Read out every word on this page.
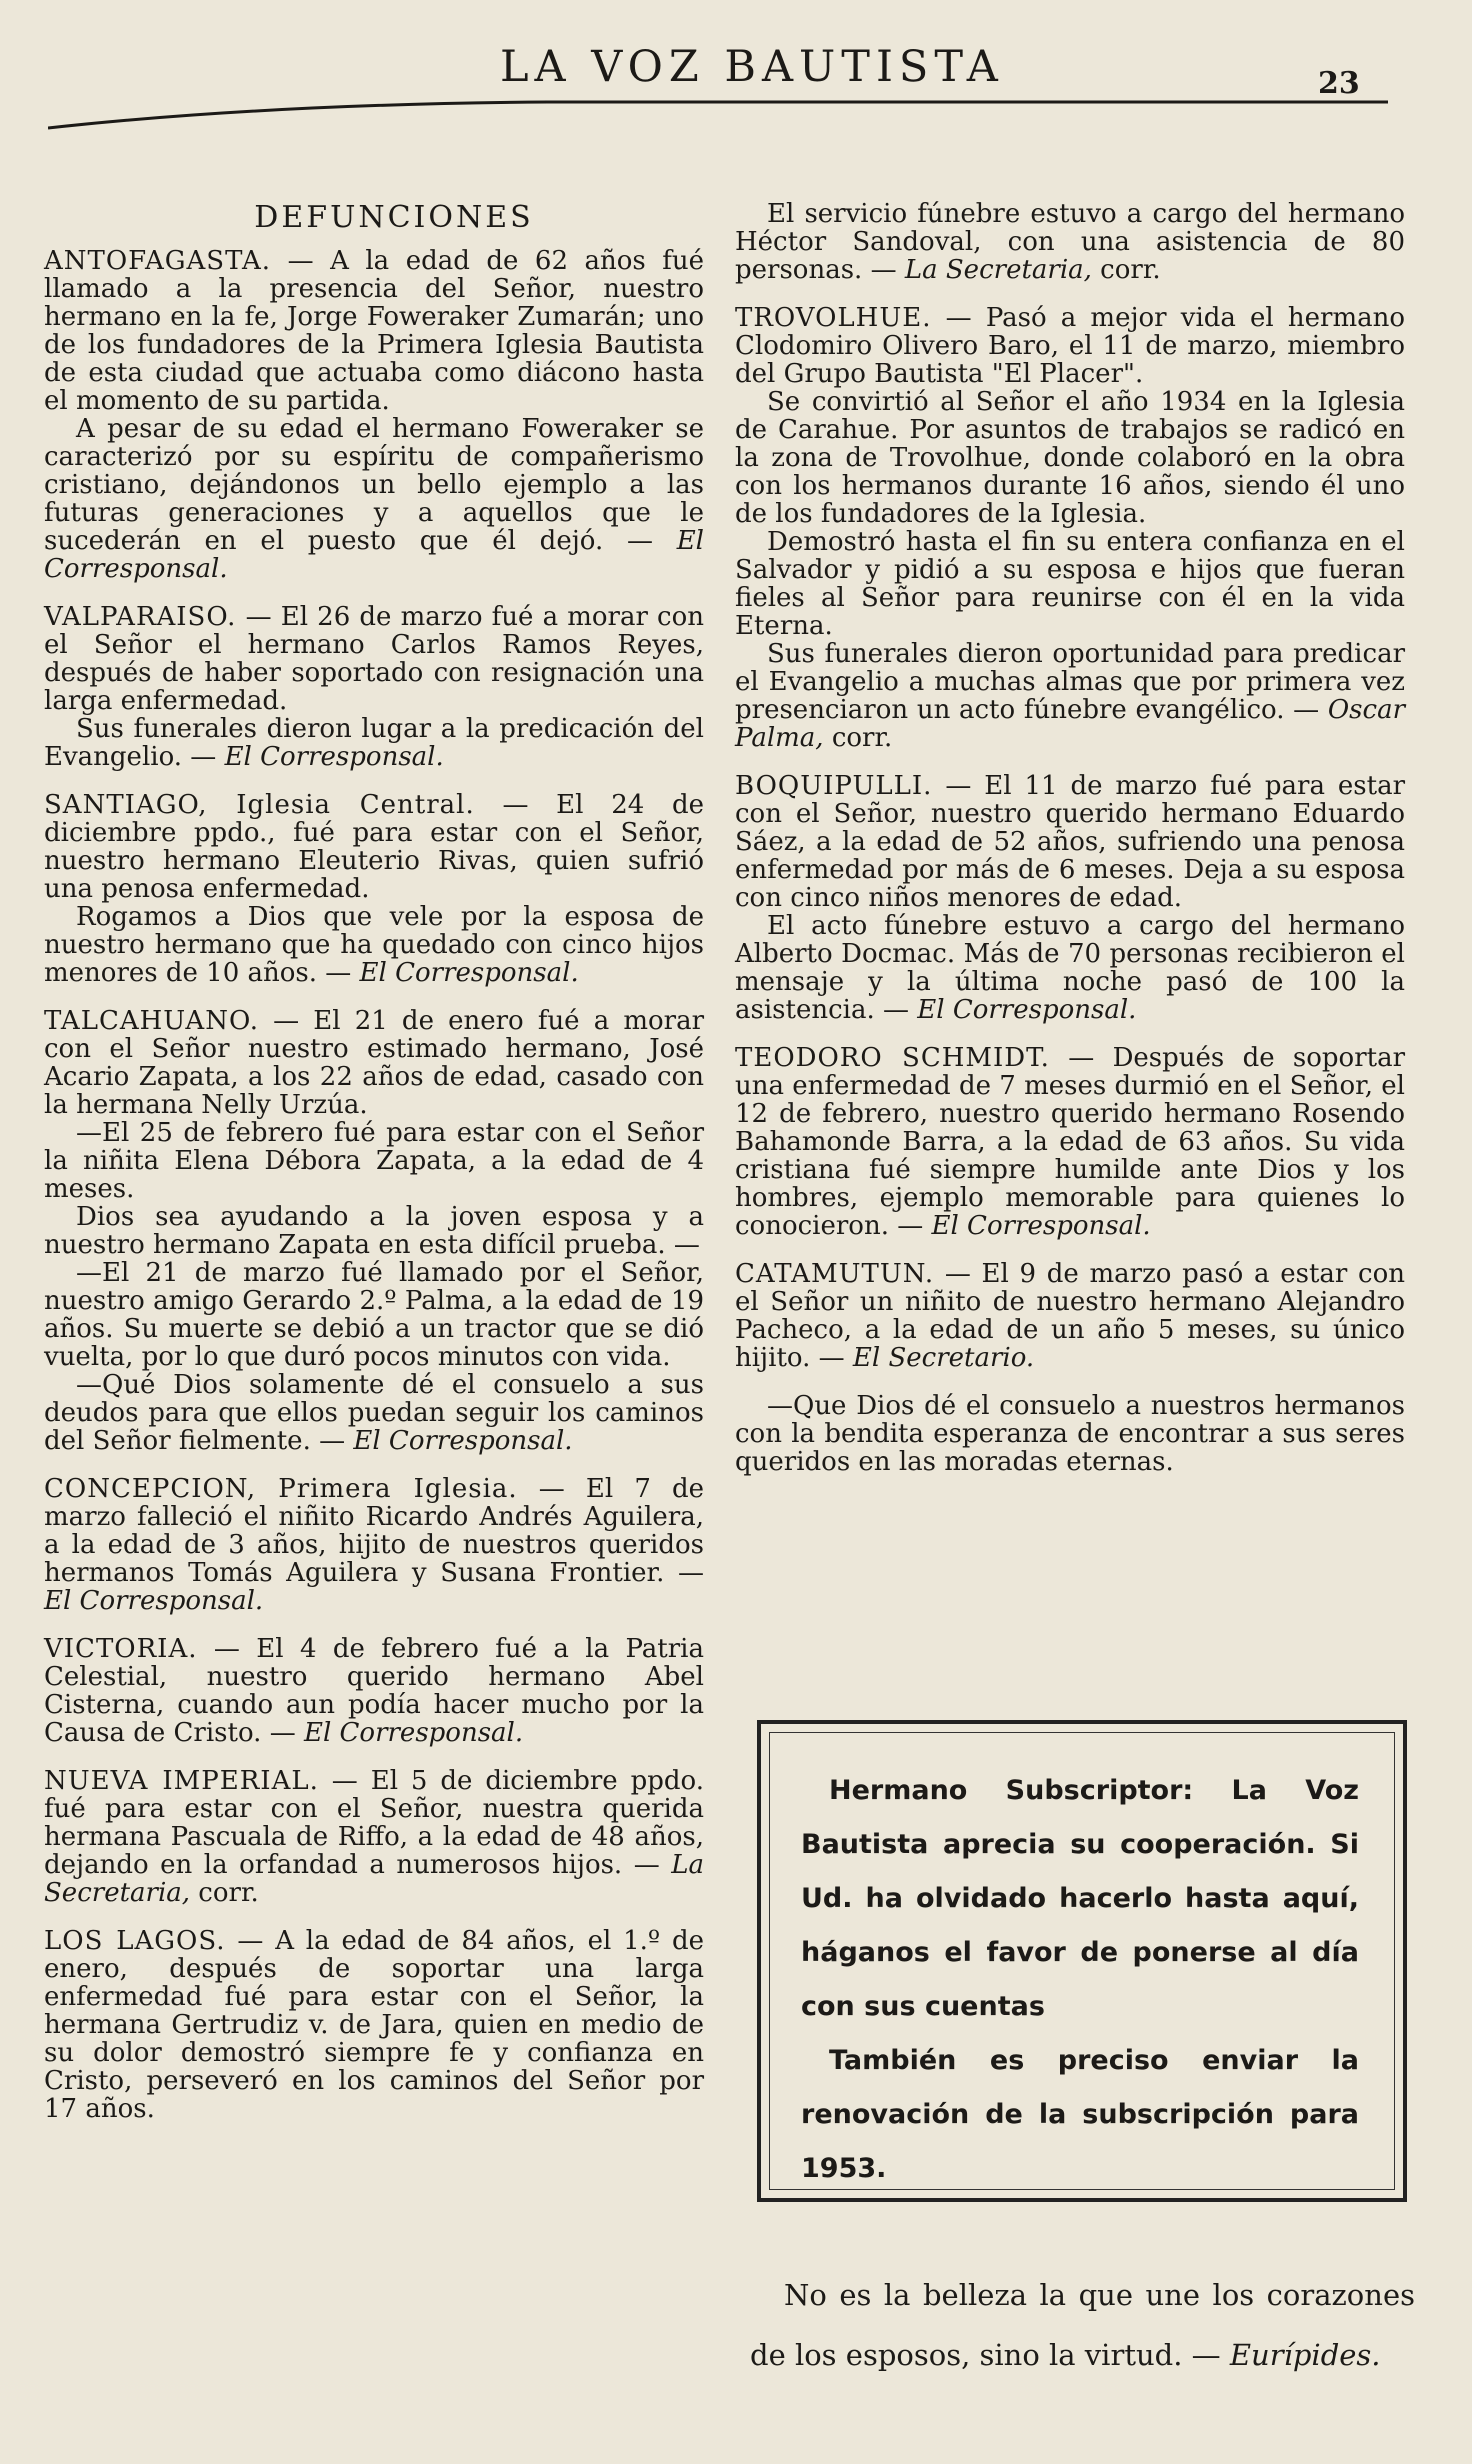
LA VOZ BAUTISTA	23
DEFUNCIONES

ANTOFAGASTA. — A la edad de 62 años fué llamado a la presencia del Señor, nuestro hermano en la fe, Jorge Foweraker Zumarán; uno de los fundadores de la Primera Iglesia Bautista de esta ciudad que actuaba como diácono hasta el momento de su partida.

A pesar de su edad el hermano Foweraker se caracterizó por su espíritu de compañerismo cristiano, dejándonos un bello ejemplo a las futuras generaciones y a aquellos que le sucederán en el puesto que él dejó. — El Corresponsal.

VALPARAISO. — El 26 de marzo fué a morar con el Señor el hermano Carlos Ramos Reyes, después de haber soportado con resignación una larga enfermedad.

Sus funerales dieron lugar a la predicación del Evangelio. — El Corresponsal.

SANTIAGO, Iglesia Central. — El 24 de diciembre ppdo., fué para estar con el Señor, nuestro hermano Eleuterio Rivas, quien sufrió una penosa enfermedad.

Rogamos a Dios que vele por la esposa de nuestro hermano que ha quedado con cinco hijos menores de 10 años. — El Corresponsal.

TALCAHUANO. — El 21 de enero fué a morar con el Señor nuestro estimado hermano, José Acario Zapata, a los 22 años de edad, casado con la hermana Nelly Urzúa.

—El 25 de febrero fué para estar con el Señor la niñita Elena Débora Zapata, a la edad de 4 meses.

Dios sea ayudando a la joven esposa y a nuestro hermano Zapata en esta difícil prueba. —

—El 21 de marzo fué llamado por el Señor, nuestro amigo Gerardo 2.º Palma, a la edad de 19 años. Su muerte se debió a un tractor que se dió vuelta, por lo que duró pocos minutos con vida.

—Qué Dios solamente dé el consuelo a sus deudos para que ellos puedan seguir los caminos del Señor fielmente. — El Corresponsal.

CONCEPCION, Primera Iglesia. — El 7 de marzo falleció el niñito Ricardo Andrés Aguilera, a la edad de 3 años, hijito de nuestros queridos hermanos Tomás Aguilera y Susana Frontier. — El Corresponsal.

VICTORIA. — El 4 de febrero fué a la Patria Celestial, nuestro querido hermano Abel Cisterna, cuando aun podía hacer mucho por la Causa de Cristo. — El Corresponsal.

NUEVA IMPERIAL. — El 5 de diciembre ppdo. fué para estar con el Señor, nuestra querida hermana Pascuala de Riffo, a la edad de 48 años, dejando en la orfandad a numerosos hijos. — La Secretaria, corr.

LOS LAGOS. — A la edad de 84 años, el 1.º de enero, después de soportar una larga enfermedad fué para estar con el Señor, la hermana Gertrudiz v. de Jara, quien en medio de su dolor demostró siempre fe y confianza en Cristo, perseveró en los caminos del Señor por 17 años.

El servicio fúnebre estuvo a cargo del hermano Héctor Sandoval, con una asistencia de 80 personas. — La Secretaria, corr.

TROVOLHUE. — Pasó a mejor vida el hermano Clodomiro Olivero Baro, el 11 de marzo, miembro del Grupo Bautista "El Placer".

Se convirtió al Señor el año 1934 en la Iglesia de Carahue. Por asuntos de trabajos se radicó en la zona de Trovolhue, donde colaboró en la obra con los hermanos durante 16 años, siendo él uno de los fundadores de la Iglesia.

Demostró hasta el fin su entera confianza en el Salvador y pidió a su esposa e hijos que fueran fieles al Señor para reunirse con él en la vida Eterna.

Sus funerales dieron oportunidad para predicar el Evangelio a muchas almas que por primera vez presenciaron un acto fúnebre evangélico. — Oscar Palma, corr.

BOQUIPULLI. — El 11 de marzo fué para estar con el Señor, nuestro querido hermano Eduardo Sáez, a la edad de 52 años, sufriendo una penosa enfermedad por más de 6 meses. Deja a su esposa con cinco niños menores de edad.

El acto fúnebre estuvo a cargo del hermano Alberto Docmac. Más de 70 personas recibieron el mensaje y la última noche pasó de 100 la asistencia. — El Corresponsal.

TEODORO SCHMIDT. — Después de soportar una enfermedad de 7 meses durmió en el Señor, el 12 de febrero, nuestro querido hermano Rosendo Bahamonde Barra, a la edad de 63 años. Su vida cristiana fué siempre humilde ante Dios y los hombres, ejemplo memorable para quienes lo conocieron. — El Corresponsal.

CATAMUTUN. — El 9 de marzo pasó a estar con el Señor un niñito de nuestro hermano Alejandro Pacheco, a la edad de un año 5 meses, su único hijito. — El Secretario.

—Que Dios dé el consuelo a nuestros hermanos con la bendita esperanza de encontrar a sus seres queridos en las moradas eternas.

Hermano Subscriptor: La Voz Bautista aprecia su cooperación. Si Ud. ha olvidado hacerlo hasta aquí, háganos el favor de ponerse al día con sus cuentas

También es preciso enviar la renovación de la subscripción para 1953.

No es la belleza la que une los corazones de los esposos, sino la virtud. — Eurípides.
